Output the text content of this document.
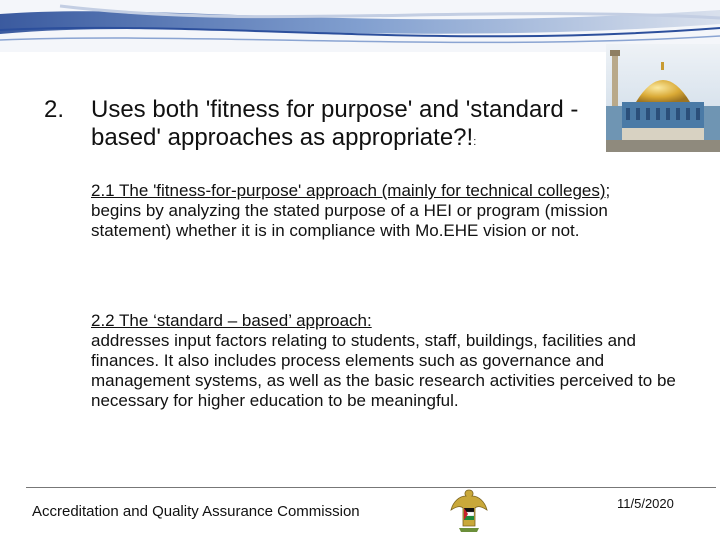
2. Uses both 'fitness for purpose' and 'standard - based' approaches as appropriate?!:
2.1 The 'fitness-for-purpose' approach (mainly for technical colleges);
begins by analyzing the stated purpose of a HEI or program (mission statement) whether it is in compliance with Mo.EHE vision or not.
2.2 The ‘standard – based’ approach:
addresses input factors relating to students, staff, buildings, facilities and finances. It also includes process elements such as governance and management systems, as well as the basic research activities perceived to be necessary for higher education to be meaningful.
Accreditation and Quality Assurance Commission	11/5/2020
